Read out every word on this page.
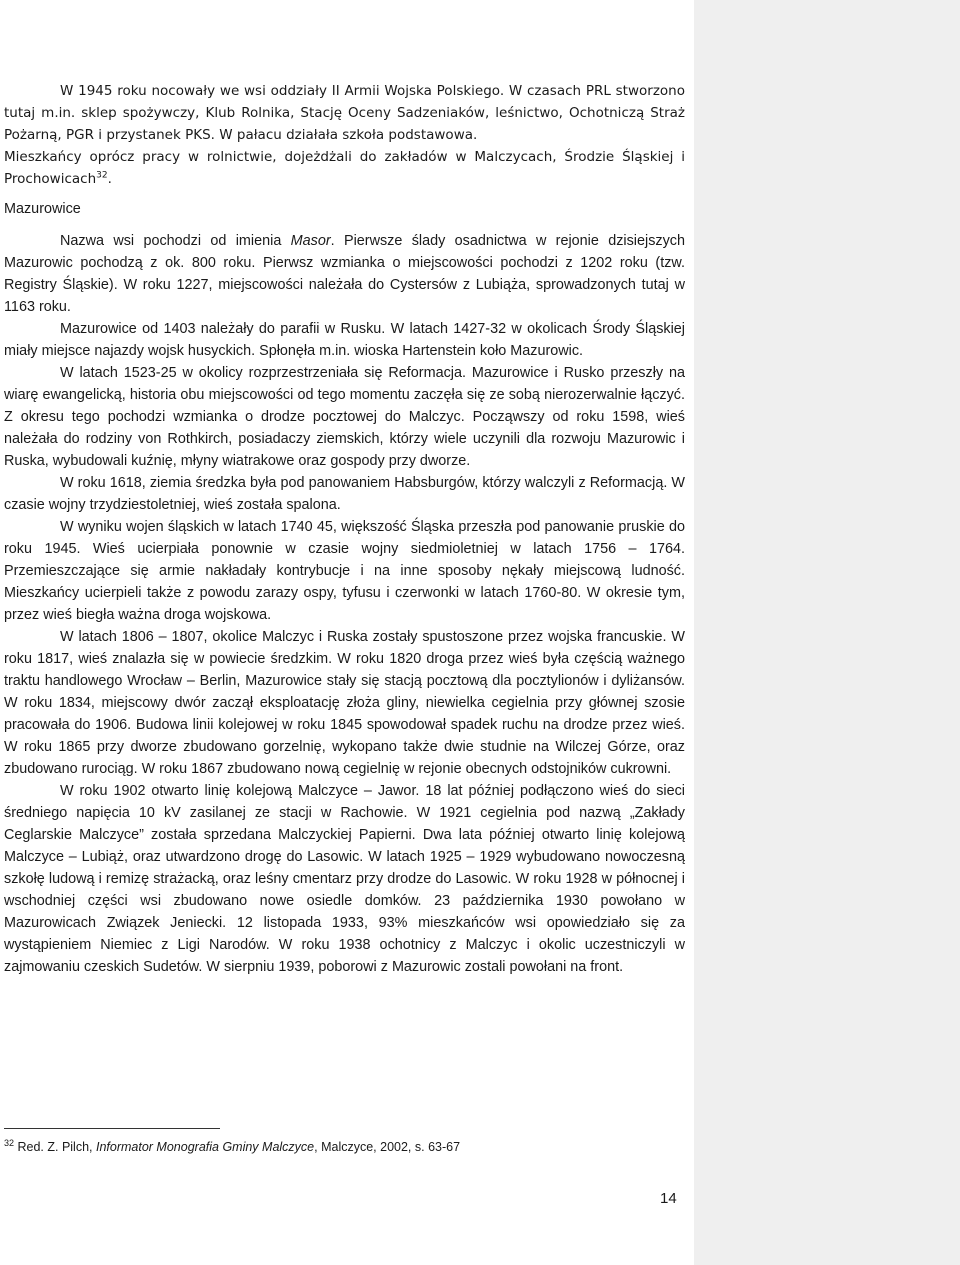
W 1945 roku nocowały we wsi oddziały II Armii Wojska Polskiego. W czasach PRL stworzono tutaj m.in. sklep spożywczy, Klub Rolnika, Stację Oceny Sadzeniaków, leśnictwo, Ochotniczą Straż Pożarną, PGR i przystanek PKS. W pałacu działała szkoła podstawowa.

Mieszkańcy oprócz pracy w rolnictwie, dojeżdżali do zakładów w Malczycach, Środzie Śląskiej i Prochowicach$^{32}$.

Mazurowice

Nazwa wsi pochodzi od imienia Masor. Pierwsze ślady osadnictwa w rejonie dzisiejszych Mazurowic pochodzą z ok. 800 roku. Pierwsz wzmianka o miejscowości pochodzi z 1202 roku (tzw. Registry Śląskie). W roku 1227, miejscowości należała do Cystersów z Lubiąża, sprowadzonych tutaj w 1163 roku.

Mazurowice od 1403 należały do parafii w Rusku. W latach 1427-32 w okolicach Środy Śląskiej miały miejsce najazdy wojsk husyckich. Spłonęła m.in. wioska Hartenstein koło Mazurowic.

W latach 1523-25 w okolicy rozprzestrzeniała się Reformacja. Mazurowice i Rusko przeszły na wiarę ewangelicką, historia obu miejscowości od tego momentu zaczęła się ze sobą nierozerwalnie łączyć. Z okresu tego pochodzi wzmianka o drodze pocztowej do Malczyc. Począwszy od roku 1598, wieś należała do rodziny von Rothkirch, posiadaczy ziemskich, którzy wiele uczynili dla rozwoju Mazurowic i Ruska, wybudowali kuźnię, młyny wiatrakowe oraz gospody przy dworze.

W roku 1618, ziemia średzka była pod panowaniem Habsburgów, którzy walczyli z Reformacją. W czasie wojny trzydziestoletniej, wieś została spalona.

W wyniku wojen śląskich w latach 1740 45, większość Śląska przeszła pod panowanie pruskie do roku 1945. Wieś ucierpiała ponownie w czasie wojny siedmioletniej w latach 1756 – 1764. Przemieszczające się armie nakładały kontrybucje i na inne sposoby nękały miejscową ludność. Mieszkańcy ucierpieli także z powodu zarazy ospy, tyfusu i czerwonki w latach 1760-80. W okresie tym, przez wieś biegła ważna droga wojskowa.

W latach 1806 – 1807, okolice Malczyc i Ruska zostały spustoszone przez wojska francuskie. W roku 1817, wieś znalazła się w powiecie średzkim. W roku 1820 droga przez wieś była częścią ważnego traktu handlowego Wrocław – Berlin, Mazurowice stały się stacją pocztową dla pocztylionów i dyliżansów. W roku 1834, miejscowy dwór zaczął eksploatację złoża gliny, niewielka cegielnia przy głównej szosie pracowała do 1906. Budowa linii kolejowej w roku 1845 spowodował spadek ruchu na drodze przez wieś. W roku 1865 przy dworze zbudowano gorzelnię, wykopano także dwie studnie na Wilczej Górze, oraz zbudowano rurociąg. W roku 1867 zbudowano nową cegielnię w rejonie obecnych odstojników cukrowni.

W roku 1902 otwarto linię kolejową Malczyce – Jawor. 18 lat później podłączono wieś do sieci średniego napięcia 10 kV zasilanej ze stacji w Rachowie. W 1921 cegielnia pod nazwą „Zakłady Ceglarskie Malczyce” została sprzedana Malczyckiej Papierni. Dwa lata później otwarto linię kolejową Malczyce – Lubiąż, oraz utwardzono drogę do Lasowic. W latach 1925 – 1929 wybudowano nowoczesną szkołę ludową i remizę strażacką, oraz leśny cmentarz przy drodze do Lasowic. W roku 1928 w północnej i wschodniej części wsi zbudowano nowe osiedle domków. 23 października 1930 powołano w Mazurowicach Związek Jeniecki. 12 listopada 1933, 93% mieszkańców wsi opowiedziało się za wystąpieniem Niemiec z Ligi Narodów. W roku 1938 ochotnicy z Malczyc i okolic uczestniczyli w zajmowaniu czeskich Sudetów. W sierpniu 1939, poborowi z Mazurowic zostali powołani na front.

$^{32}$ Red. Z. Pilch, Informator Monografia Gminy Malczyce, Malczyce, 2002, s. 63-67
14
